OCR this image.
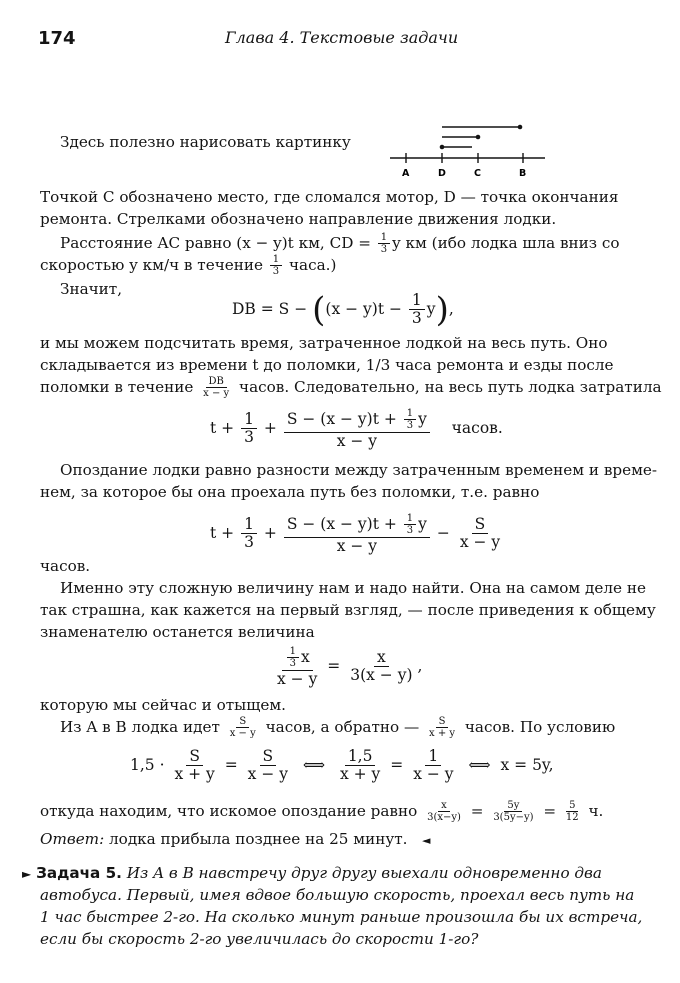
174	Глава 4. Текстовые задачи
Здесь полезно нарисовать картинку
A	D	C	B
Точкой C обозначено место, где сломался мотор, D — точка окончания
ремонта. Стрелками обозначено направление движения лодки.
Расстояние AC равно (x − y)t км, CD = $\frac{1}{3}$ y км (ибо лодка шла вниз со
скоростью y км/ч в течение $\frac{1}{3}$ часа.)
Значит,
DB = $S - ((x - y)t - \frac{1}{3} y)$,
и мы можем подсчитать время, затраченное лодкой на весь путь. Оно
складывается из времени t до поломки, 1/3 часа ремонта и езды после
поломки в течение $\frac{DB}{x - y}$ часов. Следовательно, на весь путь лодка затратила
$t + \frac{1}{3} + \frac{S - (x - y)t + \frac{1}{3} y}{x - y}$ часов.
Опоздание лодки равно разности между затраченным временем и време-
нем, за которое бы она проехала путь без поломки, т.е. равно
$t + \frac{1}{3} + \frac{S - (x - y)t + \frac{1}{3} y}{x - y} - \frac{S}{x - y}$
часов.
Именно эту сложную величину нам и надо найти. Она на самом деле не
так страшна, как кажется на первый взгляд, — после приведения к общему
знаменателю останется величина
$\frac{\frac{1}{3} x}{x - y} = \frac{x}{3(x - y)}$ ,
которую мы сейчас и отыщем.
Из A в B лодка идет $\frac{S}{x - y}$ часов, а обратно — $\frac{S}{x + y}$ часов. По условию
$1,5 \cdot \frac{S}{x + y} = \frac{S}{x - y}$ ⟺ $\frac{1,5}{x + y} = \frac{1}{x - y}$ ⟺ x = 5y,
откуда находим, что искомое опоздание равно $\frac{x}{3(x-y)} = \frac{5y}{3(5y-y)} = \frac{5}{12} ч$.
Ответ: лодка прибыла позднее на 25 минут. ◄
► Задача 5. Из A в B навстречу друг другу выехали одновременно два
автобуса. Первый, имея вдвое большую скорость, проехал весь путь на
1 час быстрее 2-го. На сколько минут раньше произошла бы их встреча,
если бы скорость 2-го увеличилась до скорости 1-го?
